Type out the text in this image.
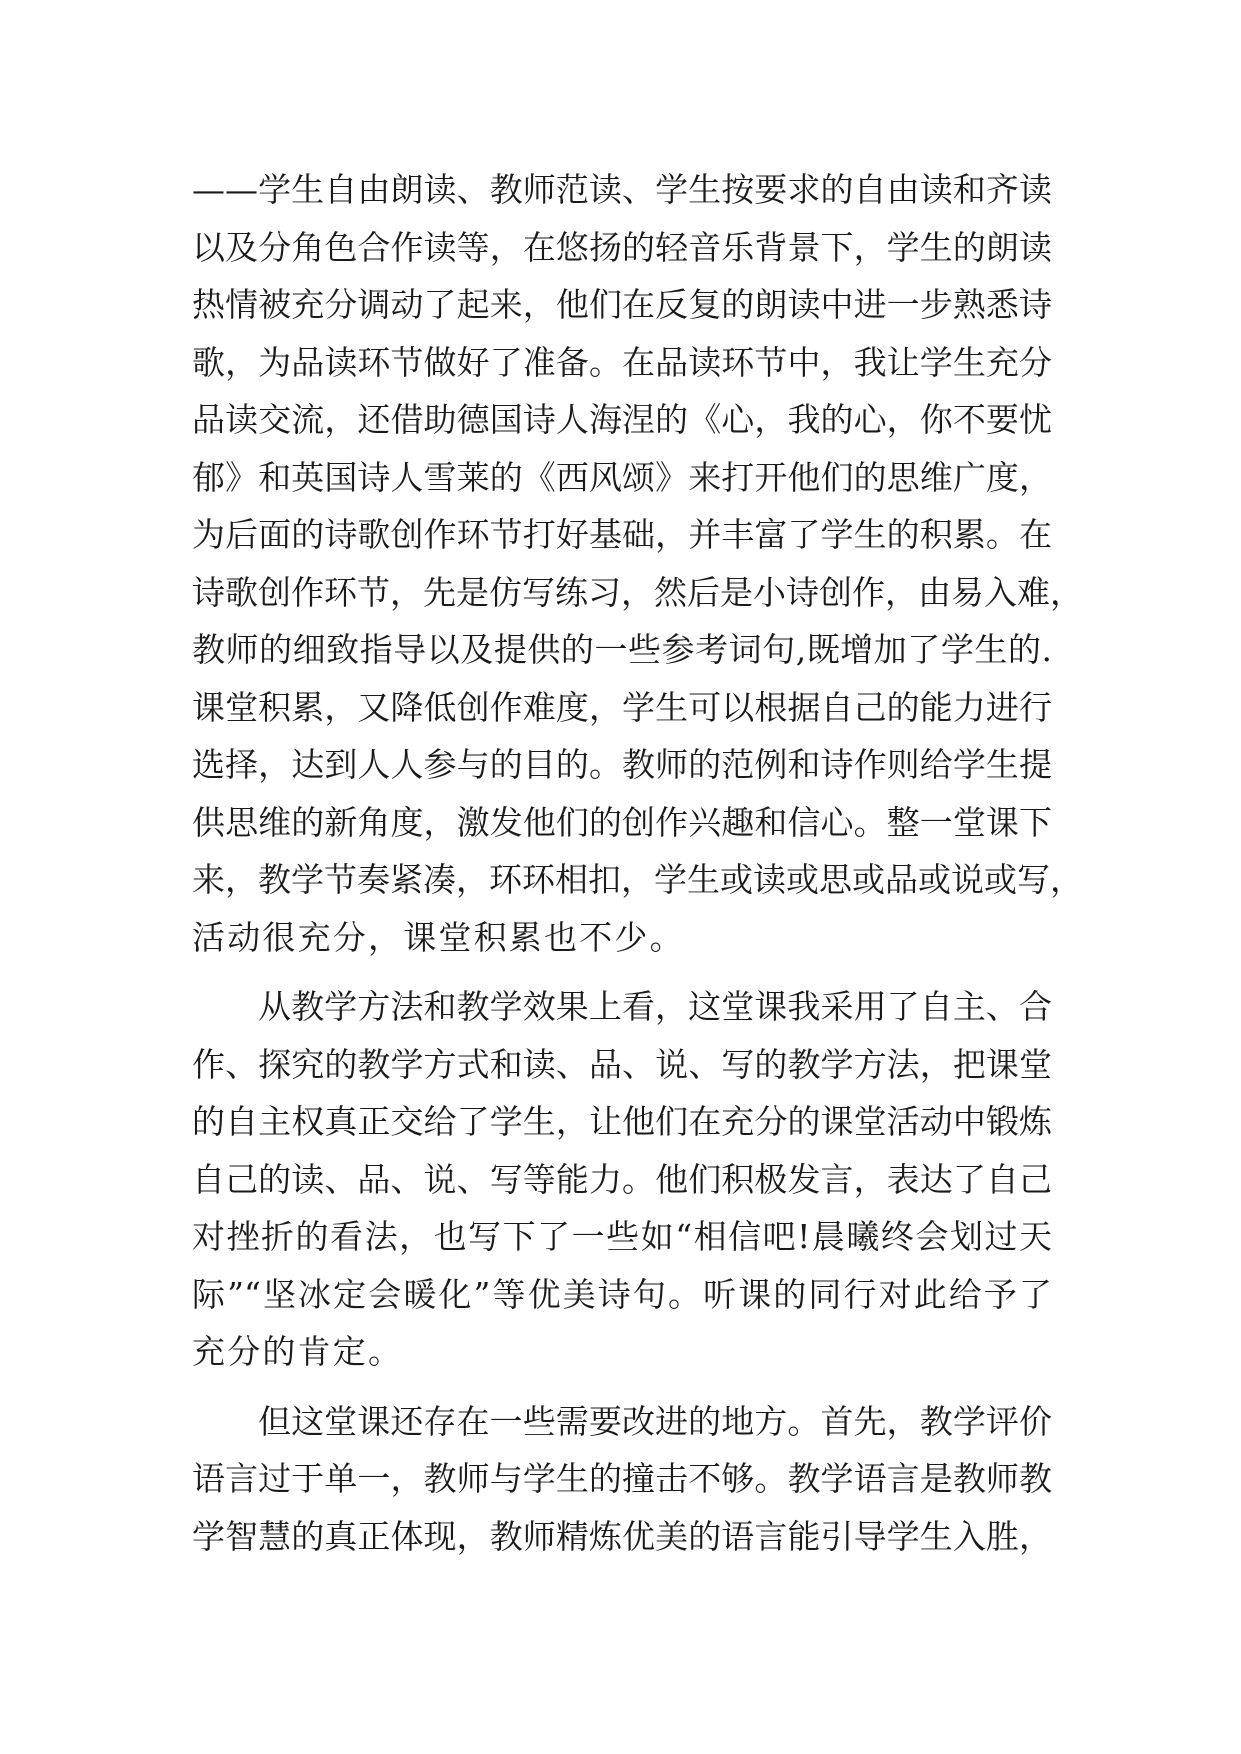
——学生自由朗读、教师范读、学生按要求的自由读和齐读
以及分角色合作读等，在悠扬的轻音乐背景下，学生的朗读
热情被充分调动了起来，他们在反复的朗读中进一步熟悉诗
歌，为品读环节做好了准备。在品读环节中，我让学生充分
品读交流，还借助德国诗人海涅的《心，我的心，你不要忧
郁》和英国诗人雪莱的《西风颂》来打开他们的思维广度，
为后面的诗歌创作环节打好基础，并丰富了学生的积累。在
诗歌创作环节，先是仿写练习，然后是小诗创作，由易入难，
教师的细致指导以及提供的一些参考词句,既增加了学生的.
课堂积累，又降低创作难度，学生可以根据自己的能力进行
选择，达到人人参与的目的。教师的范例和诗作则给学生提
供思维的新角度，激发他们的创作兴趣和信心。整一堂课下
来，教学节奏紧凑，环环相扣，学生或读或思或品或说或写，
活动很充分，课堂积累也不少。
从教学方法和教学效果上看，这堂课我采用了自主、合
作、探究的教学方式和读、品、说、写的教学方法，把课堂
的自主权真正交给了学生，让他们在充分的课堂活动中锻炼
自己的读、品、说、写等能力。他们积极发言，表达了自己
对挫折的看法，也写下了一些如“相信吧!晨曦终会划过天
际”“坚冰定会暖化”等优美诗句。听课的同行对此给予了
充分的肯定。
但这堂课还存在一些需要改进的地方。首先，教学评价
语言过于单一，教师与学生的撞击不够。教学语言是教师教
学智慧的真正体现，教师精炼优美的语言能引导学生入胜，
